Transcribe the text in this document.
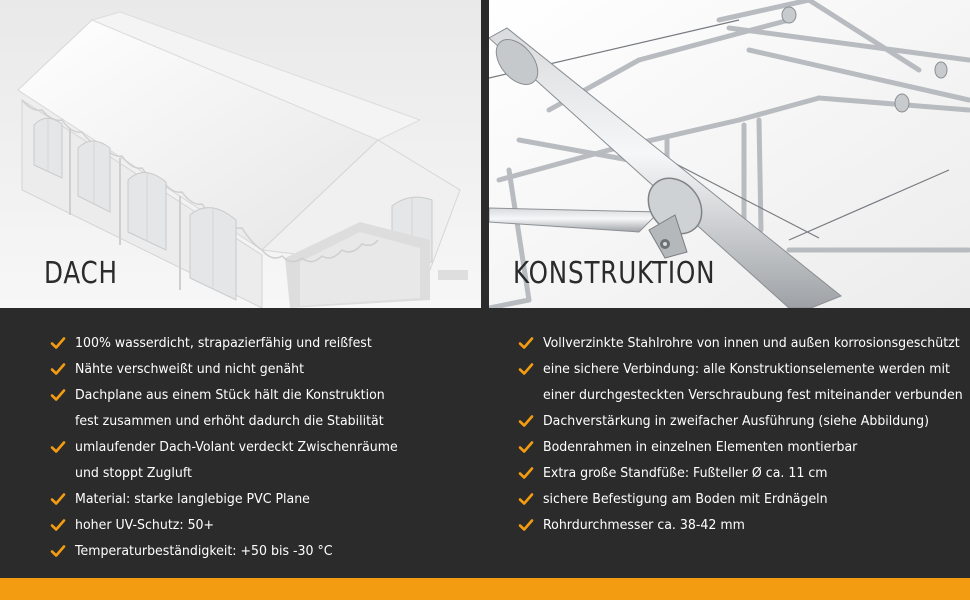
DACH	KONSTRUKTION
100% wasserdicht, strapazierfähig und reißfest
Nähte verschweißt und nicht genäht
Dachplane aus einem Stück hält die Konstruktion
fest zusammen und erhöht dadurch die Stabilität
umlaufender Dach-Volant verdeckt Zwischenräume
und stoppt Zugluft
Material: starke langlebige PVC Plane
hoher UV-Schutz: 50+
Temperaturbeständigkeit: +50 bis -30 °C
Vollverzinkte Stahlrohre von innen und außen korrosionsgeschützt
eine sichere Verbindung: alle Konstruktionselemente werden mit
einer durchgesteckten Verschraubung fest miteinander verbunden
Dachverstärkung in zweifacher Ausführung (siehe Abbildung)
Bodenrahmen in einzelnen Elementen montierbar
Extra große Standfüße: Fußteller Ø ca. 11 cm
sichere Befestigung am Boden mit Erdnägeln
Rohrdurchmesser ca. 38-42 mm
